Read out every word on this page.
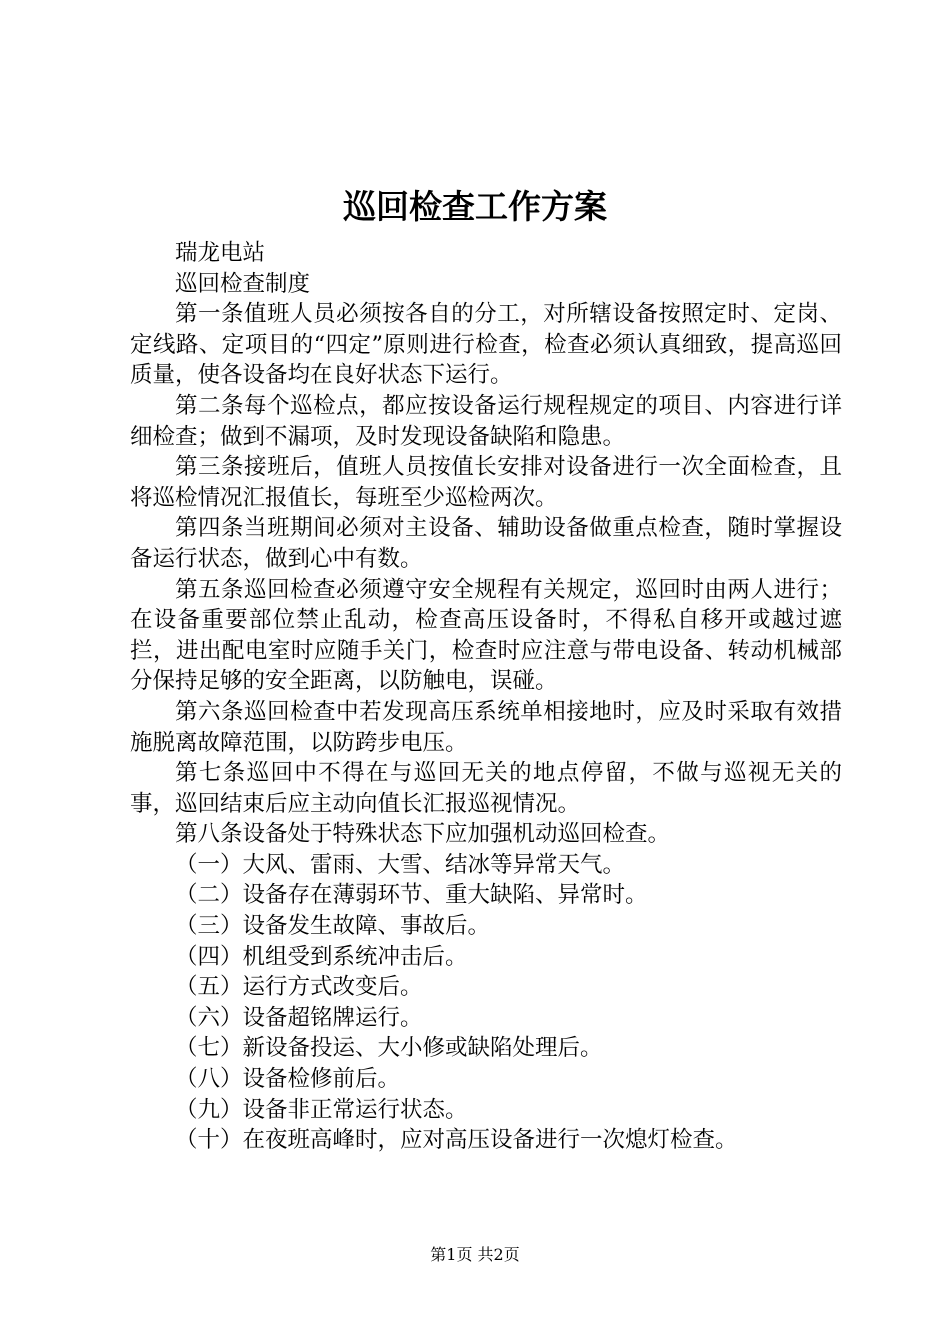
巡回检查工作方案

瑞龙电站

巡回检查制度

第一条值班人员必须按各自的分工，对所辖设备按照定时、定岗、定线路、定项目的“四定”原则进行检查，检查必须认真细致，提高巡回质量，使各设备均在良好状态下运行。

第二条每个巡检点，都应按设备运行规程规定的项目、内容进行详细检查；做到不漏项，及时发现设备缺陷和隐患。

第三条接班后，值班人员按值长安排对设备进行一次全面检查，且将巡检情况汇报值长，每班至少巡检两次。

第四条当班期间必须对主设备、辅助设备做重点检查，随时掌握设备运行状态，做到心中有数。

第五条巡回检查必须遵守安全规程有关规定，巡回时由两人进行；在设备重要部位禁止乱动，检查高压设备时，不得私自移开或越过遮拦，进出配电室时应随手关门，检查时应注意与带电设备、转动机械部分保持足够的安全距离，以防触电，误碰。

第六条巡回检查中若发现高压系统单相接地时，应及时采取有效措施脱离故障范围，以防跨步电压。

第七条巡回中不得在与巡回无关的地点停留，不做与巡视无关的事，巡回结束后应主动向值长汇报巡视情况。

第八条设备处于特殊状态下应加强机动巡回检查。

（一）大风、雷雨、大雪、结冰等异常天气。

（二）设备存在薄弱环节、重大缺陷、异常时。

（三）设备发生故障、事故后。

（四）机组受到系统冲击后。

（五）运行方式改变后。

（六）设备超铭牌运行。

（七）新设备投运、大小修或缺陷处理后。

（八）设备检修前后。

（九）设备非正常运行状态。

（十）在夜班高峰时，应对高压设备进行一次熄灯检查。

第1页 共2页
